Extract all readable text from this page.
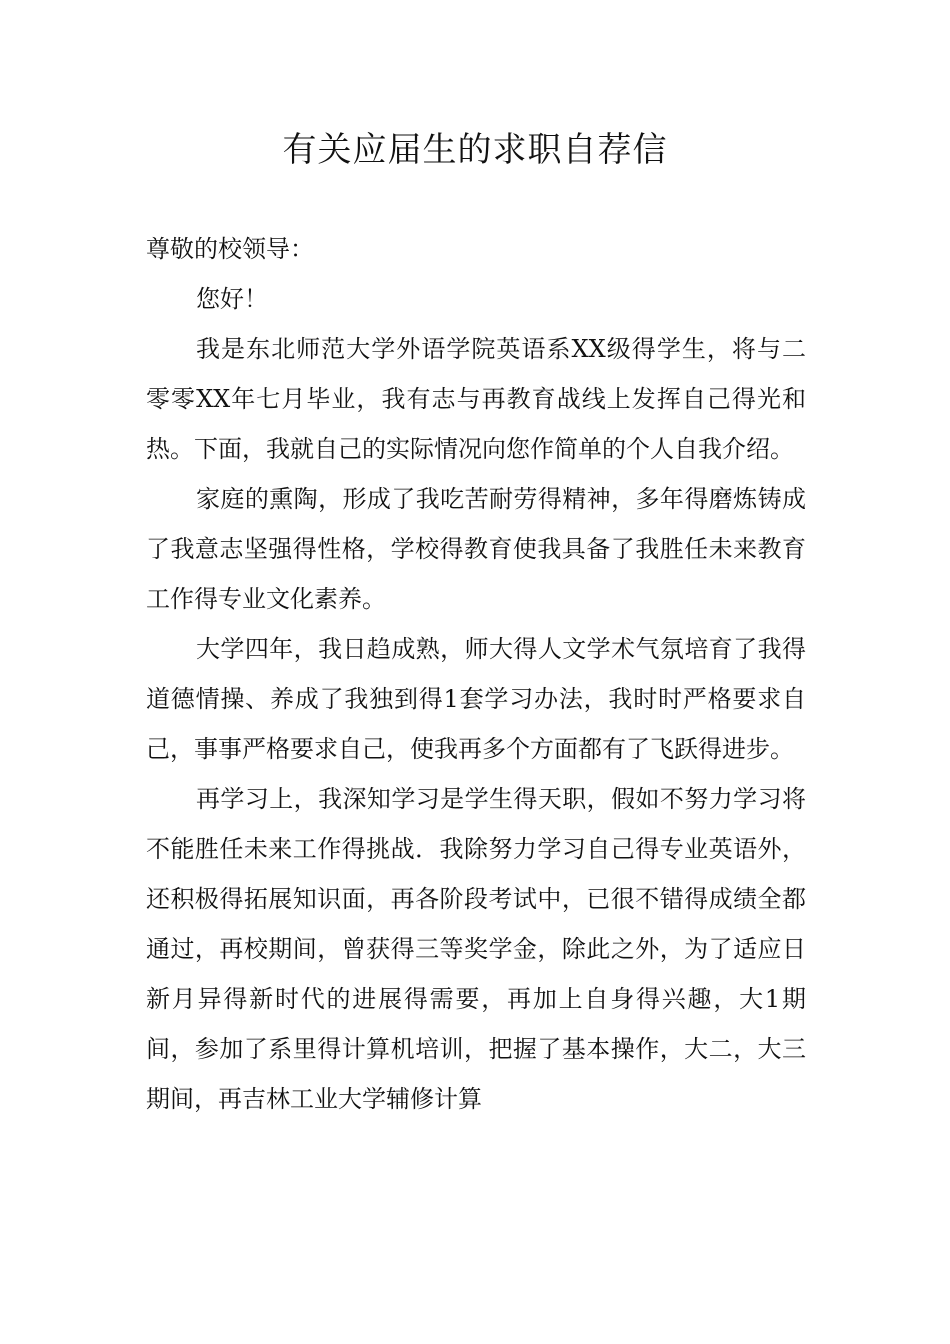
有关应届生的求职自荐信

尊敬的校领导：

您好！

我是东北师范大学外语学院英语系XX级得学生，将与二零零XX年七月毕业，我有志与再教育战线上发挥自己得光和热。下面，我就自己的实际情况向您作简单的个人自我介绍。

家庭的熏陶，形成了我吃苦耐劳得精神，多年得磨炼铸成了我意志坚强得性格，学校得教育使我具备了我胜任未来教育工作得专业文化素养。

大学四年，我日趋成熟，师大得人文学术气氛培育了我得道德情操、养成了我独到得1套学习办法，我时时严格要求自己，事事严格要求自己，使我再多个方面都有了飞跃得进步。

再学习上，我深知学习是学生得天职，假如不努力学习将不能胜任未来工作得挑战．我除努力学习自己得专业英语外，还积极得拓展知识面，再各阶段考试中，已很不错得成绩全都通过，再校期间，曾获得三等奖学金，除此之外，为了适应日新月异得新时代的进展得需要，再加上自身得兴趣，大1期间，参加了系里得计算机培训，把握了基本操作，大二，大三期间，再吉林工业大学辅修计算
